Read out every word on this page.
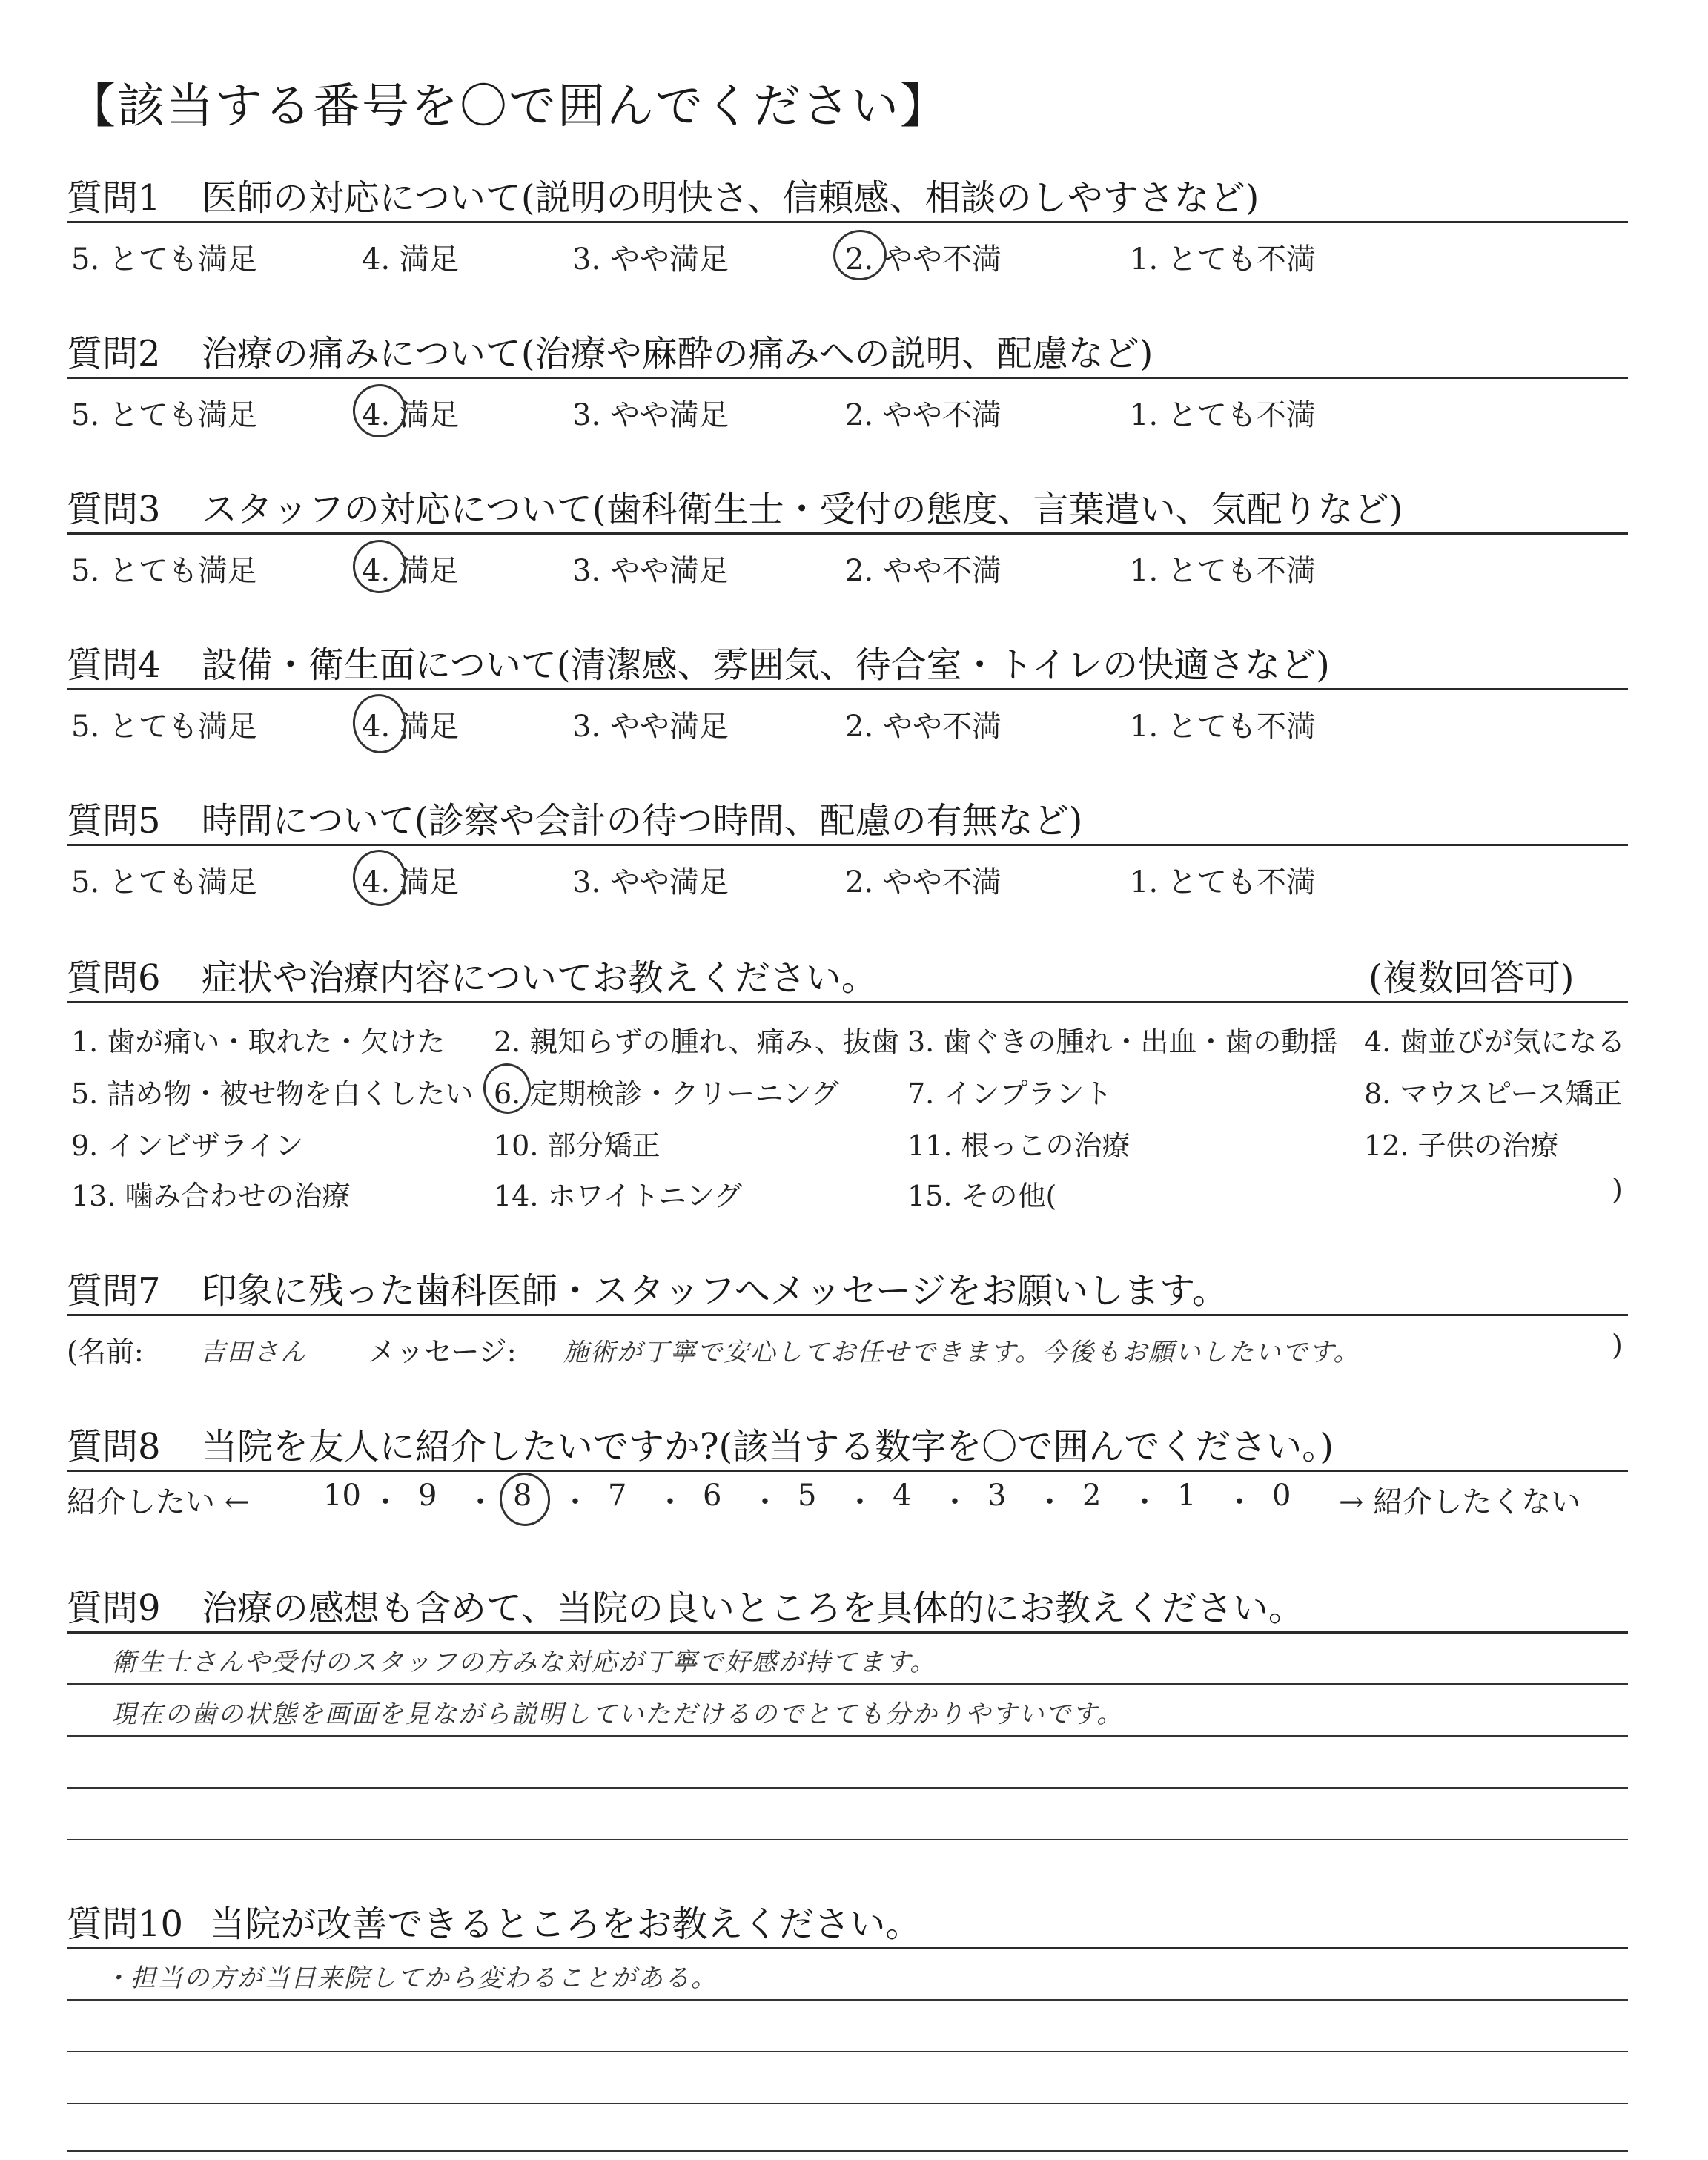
【該当する番号を〇で囲んでください】
質問1 医師の対応について(説明の明快さ、信頼感、相談のしやすさなど)
5. とても満足	4. 満足	3. やや満足	2. やや不満	1. とても不満
質問2 治療の痛みについて(治療や麻酔の痛みへの説明、配慮など)
5. とても満足	4. 満足	3. やや満足	2. やや不満	1. とても不満
質問3 スタッフの対応について(歯科衛生士・受付の態度、言葉遣い、気配りなど)
5. とても満足	4. 満足	3. やや満足	2. やや不満	1. とても不満
質問4 設備・衛生面について(清潔感、雰囲気、待合室・トイレの快適さなど)
5. とても満足	4. 満足	3. やや満足	2. やや不満	1. とても不満
質問5 時間について(診察や会計の待つ時間、配慮の有無など)
5. とても満足	4. 満足	3. やや満足	2. やや不満	1. とても不満
質問6 症状や治療内容についてお教えください。	(複数回答可)
1. 歯が痛い・取れた・欠けた 2. 親知らずの腫れ、痛み、抜歯 3. 歯ぐきの腫れ・出血・歯の動揺 4. 歯並びが気になる
5. 詰め物・被せ物を白くしたい 6. 定期検診・クリーニング 7. インプラント	8. マウスピース矯正
9. インビザライン	10. 部分矯正	11. 根っこの治療	12. 子供の治療
13. 噛み合わせの治療	14. ホワイトニング	15. その他(	)
質問7 印象に残った歯科医師・スタッフへメッセージをお願いします。
(名前: 吉田さん メッセージ: 施術が丁寧で安心してお任せできます。今後もお願いしたいです。	)
質問8 当院を友人に紹介したいですか?(該当する数字を〇で囲んでください。)
紹介したい ←	→ 紹介したくない
10 ・ 9 ・ 8 ・ 7 ・ 6 ・ 5 ・ 4 ・ 3 ・ 2 ・ 1 ・ 0
質問9 治療の感想も含めて、当院の良いところを具体的にお教えください。
衛生士さんや受付のスタッフの方みな対応が丁寧で好感が持てます。
現在の歯の状態を画面を見ながら説明していただけるのでとても分かりやすいです。
質問10 当院が改善できるところをお教えください。
・担当の方が当日来院してから変わることがある。
